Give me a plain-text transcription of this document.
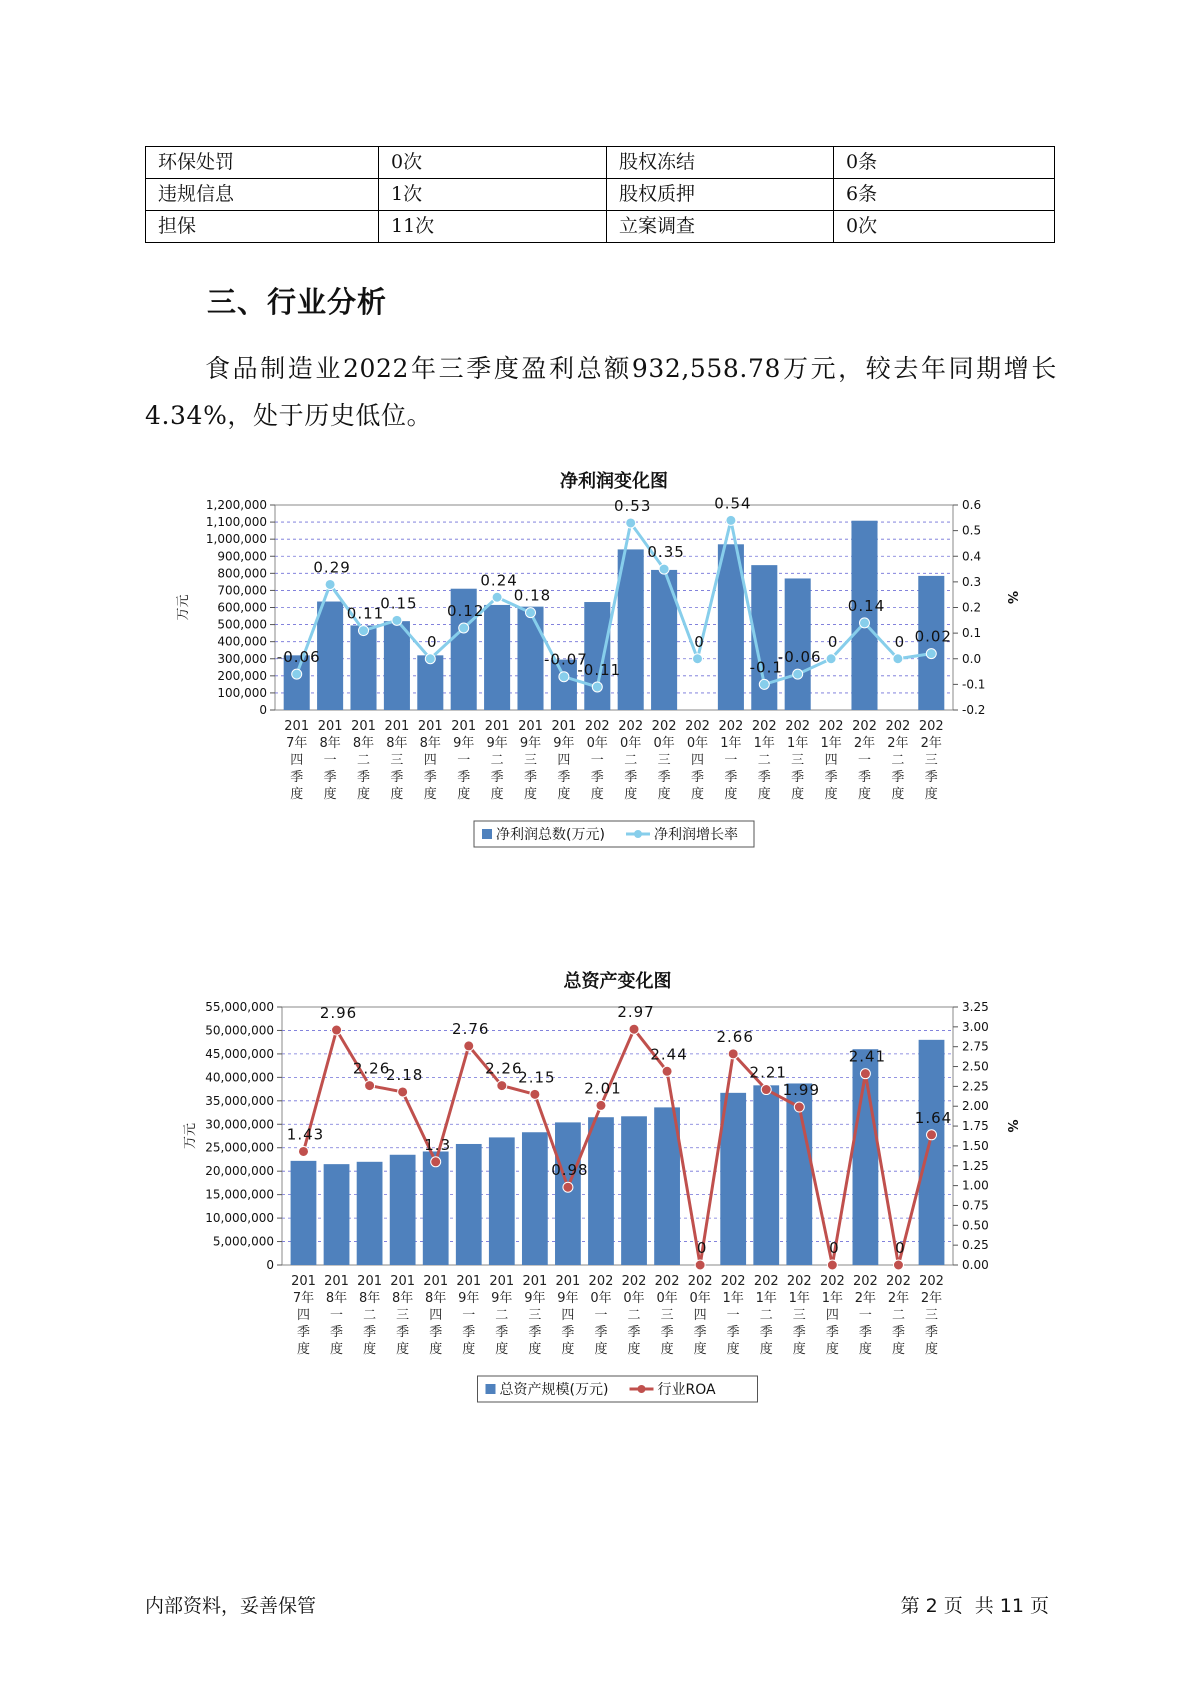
环保处罚	0次	股权冻结	0条
违规信息	1次	股权质押	6条
担保	11次	立案调查	0次
三、行业分析

食品制造业2022年三季度盈利总额932,558.78万元，较去年同期增长4.34%，处于历史低位。

净利润变化图
0
100,000
200,000
300,000
400,000
500,000
600,000
700,000
800,000
900,000
1,000,000
1,100,000
1,200,000
-0.2
-0.1
0.0
0.1
0.2
0.3
0.4
0.5
0.6
万元	%
-0.06
0.29
0.11
0.15
0
0.12
0.24
0.18
-0.07
-0.11
0.53
0.35
0
0.54
-0.1
-0.06
0
0.14
0 0.02
201 7年四季度
201 8年一季度
201 8年二季度
201 8年三季度
201 8年四季度
201 9年一季度
201 9年二季度
201 9年三季度
201 9年四季度
202 0年一季度
202 0年二季度
202 0年三季度
202 0年四季度
202 1年一季度
202 1年二季度
202 1年三季度
202 1年四季度
202 2年一季度
202 2年二季度
202 2年三季度
净利润总数(万元)	净利润增长率
总资产变化图
0
5,000,000
10,000,000
15,000,000
20,000,000
25,000,000
30,000,000
35,000,000
40,000,000
45,000,000
50,000,000
55,000,000
0.00
0.25
0.50
0.75
1.00
1.25
1.50
1.75
2.00
2.25
2.50
2.75
3.00
3.25
万元	%
1.43
2.96
2.26
2.18
1.3
2.76
2.26
2.15
0.98
2.01
2.97
2.44
0
2.66
2.21
1.99
0
2.41
0
1.64
201 7年四季度
201 8年一季度
201 8年二季度
201 8年三季度
201 8年四季度
201 9年一季度
201 9年二季度
201 9年三季度
201 9年四季度
202 0年一季度
202 0年二季度
202 0年三季度
202 0年四季度
202 1年一季度
202 1年二季度
202 1年三季度
202 1年四季度
202 2年一季度
202 2年二季度
202 2年三季度
总资产规模(万元)	行业ROA
内部资料，妥善保管	第 2 页 共 11 页
